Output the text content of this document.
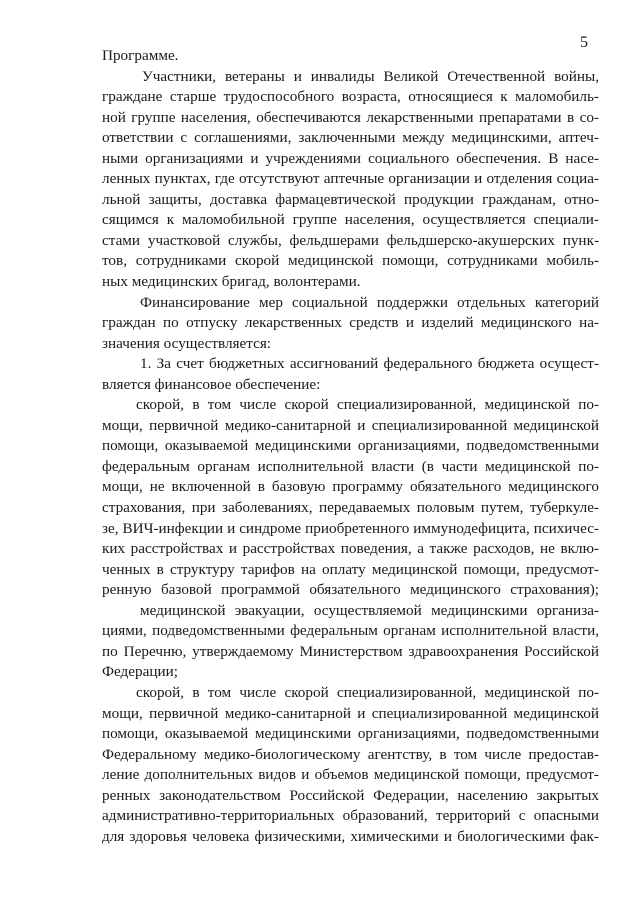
5
Программе.
Участники, ветераны и инвалиды Великой Отечественной войны,
граждане старше трудоспособного возраста, относящиеся к маломобиль-
ной группе населения, обеспечиваются лекарственными препаратами в со-
ответствии с соглашениями, заключенными между медицинскими, аптеч-
ными организациями и учреждениями социального обеспечения. В насе-
ленных пунктах, где отсутствуют аптечные организации и отделения социа-
льной защиты, доставка фармацевтической продукции гражданам, отно-
сящимся к маломобильной группе населения, осуществляется специали-
стами участковой службы, фельдшерами фельдшерско-акушерских пунк-
тов, сотрудниками скорой медицинской помощи, сотрудниками мобиль-
ных медицинских бригад, волонтерами.
Финансирование мер социальной поддержки отдельных категорий
граждан по отпуску лекарственных средств и изделий медицинского на-
значения осуществляется:
1. За счет бюджетных ассигнований федерального бюджета осущест-
вляется финансовое обеспечение:
скорой, в том числе скорой специализированной, медицинской по-
мощи, первичной медико-санитарной и специализированной медицинской
помощи, оказываемой медицинскими организациями, подведомственными
федеральным органам исполнительной власти (в части медицинской по-
мощи, не включенной в базовую программу обязательного медицинского
страхования, при заболеваниях, передаваемых половым путем, туберкуле-
зе, ВИЧ-инфекции и синдроме приобретенного иммунодефицита, психичес-
ких расстройствах и расстройствах поведения, а также расходов, не вклю-
ченных в структуру тарифов на оплату медицинской помощи, предусмот-
ренную базовой программой обязательного медицинского страхования);
медицинской эвакуации, осуществляемой медицинскими организа-
циями, подведомственными федеральным органам исполнительной власти,
по Перечню, утверждаемому Министерством здравоохранения Российской
Федерации;
скорой, в том числе скорой специализированной, медицинской по-
мощи, первичной медико-санитарной и специализированной медицинской
помощи, оказываемой медицинскими организациями, подведомственными
Федеральному медико-биологическому агентству, в том числе предостав-
ление дополнительных видов и объемов медицинской помощи, предусмот-
ренных законодательством Российской Федерации, населению закрытых
административно-территориальных образований, территорий с опасными
для здоровья человека физическими, химическими и биологическими фак-
